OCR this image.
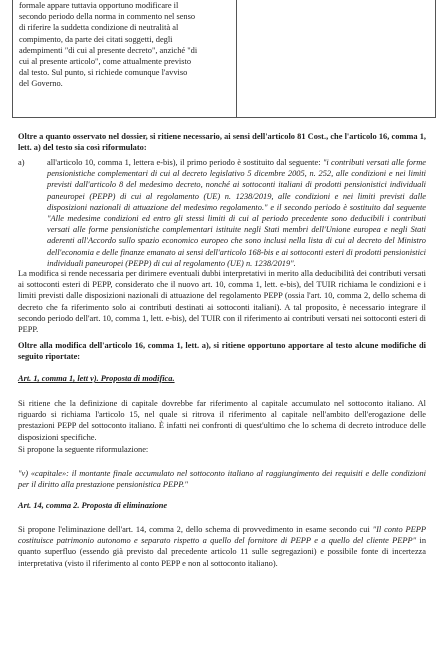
formale appare tuttavia opportuno modificare il

secondo periodo della norma in commento nel senso

di riferire la suddetta condizione di neutralità al

compimento, da parte dei citati soggetti, degli

adempimenti "di cui al presente decreto", anziché "di

cui al presente articolo", come attualmente previsto

dal testo. Sul punto, si richiede comunque l'avviso

del Governo.

Oltre a quanto osservato nel dossier, si ritiene necessario, ai sensi dell'articolo 81 Cost., che l'articolo 16, comma 1, lett. a) del testo sia così riformulato:

a)	all'articolo 10, comma 1, lettera e-bis), il primo periodo è sostituito dal seguente: "i contributi versati alle forme pensionistiche complementari di cui al decreto legislativo 5 dicembre 2005, n. 252, alle condizioni e nei limiti previsti dall'articolo 8 del medesimo decreto, nonché ai sottoconti italiani di prodotti pensionistici individuali paneuropei (PEPP) di cui al regolamento (UE) n. 1238/2019, alle condizioni e nei limiti previsti dalle disposizioni nazionali di attuazione del medesimo regolamento." e il secondo periodo è sostituito dal seguente "Alle medesime condizioni ed entro gli stessi limiti di cui al periodo precedente sono deducibili i contributi versati alle forme pensionistiche complementari istituite negli Stati membri dell'Unione europea e negli Stati aderenti all'Accordo sullo spazio economico europeo che sono inclusi nella lista di cui al decreto del Ministro dell'economia e delle finanze emanato ai sensi dell'articolo 168-bis e ai sottoconti esteri di prodotti pensionistici individuali paneuropei (PEPP) di cui al regolamento (UE) n. 1238/2019".

La modifica si rende necessaria per dirimere eventuali dubbi interpretativi in merito alla deducibilità dei contributi versati ai sottoconti esteri di PEPP, considerato che il nuovo art. 10, comma 1, lett. e-bis), del TUIR richiama le condizioni e i limiti previsti dalle disposizioni nazionali di attuazione del regolamento PEPP (ossia l'art. 10, comma 2, dello schema di decreto che fa riferimento solo ai contributi destinati ai sottoconti italiani). A tal proposito, è necessario integrare il secondo periodo dell'art. 10, comma 1, lett. e-bis), del TUIR con il riferimento ai contributi versati nei sottoconti esteri di PEPP.

Oltre alla modifica dell'articolo 16, comma 1, lett. a), si ritiene opportuno apportare al testo alcune modifiche di seguito riportate:

Art. 1, comma 1, lett v). Proposta di modifica.

Si ritiene che la definizione di capitale dovrebbe far riferimento al capitale accumulato nel sottoconto italiano. Al riguardo si richiama l'articolo 15, nel quale si ritrova il riferimento al capitale nell'ambito dell'erogazione delle prestazioni PEPP del sottoconto italiano. È infatti nei confronti di quest'ultimo che lo schema di decreto introduce delle disposizioni specifiche.

Si propone la seguente riformulazione:

"v) «capitale»: il montante finale accumulato nel sottoconto italiano al raggiungimento dei requisiti e delle condizioni per il diritto alla prestazione pensionistica PEPP."

Art. 14, comma 2. Proposta di eliminazione

Si propone l'eliminazione dell'art. 14, comma 2, dello schema di provvedimento in esame secondo cui "Il conto PEPP costituisce patrimonio autonomo e separato rispetto a quello del fornitore di PEPP e a quello del cliente PEPP" in quanto superfluo (essendo già previsto dal precedente articolo 11 sulle segregazioni) e possibile fonte di incertezza interpretativa (visto il riferimento al conto PEPP e non al sottoconto italiano).
